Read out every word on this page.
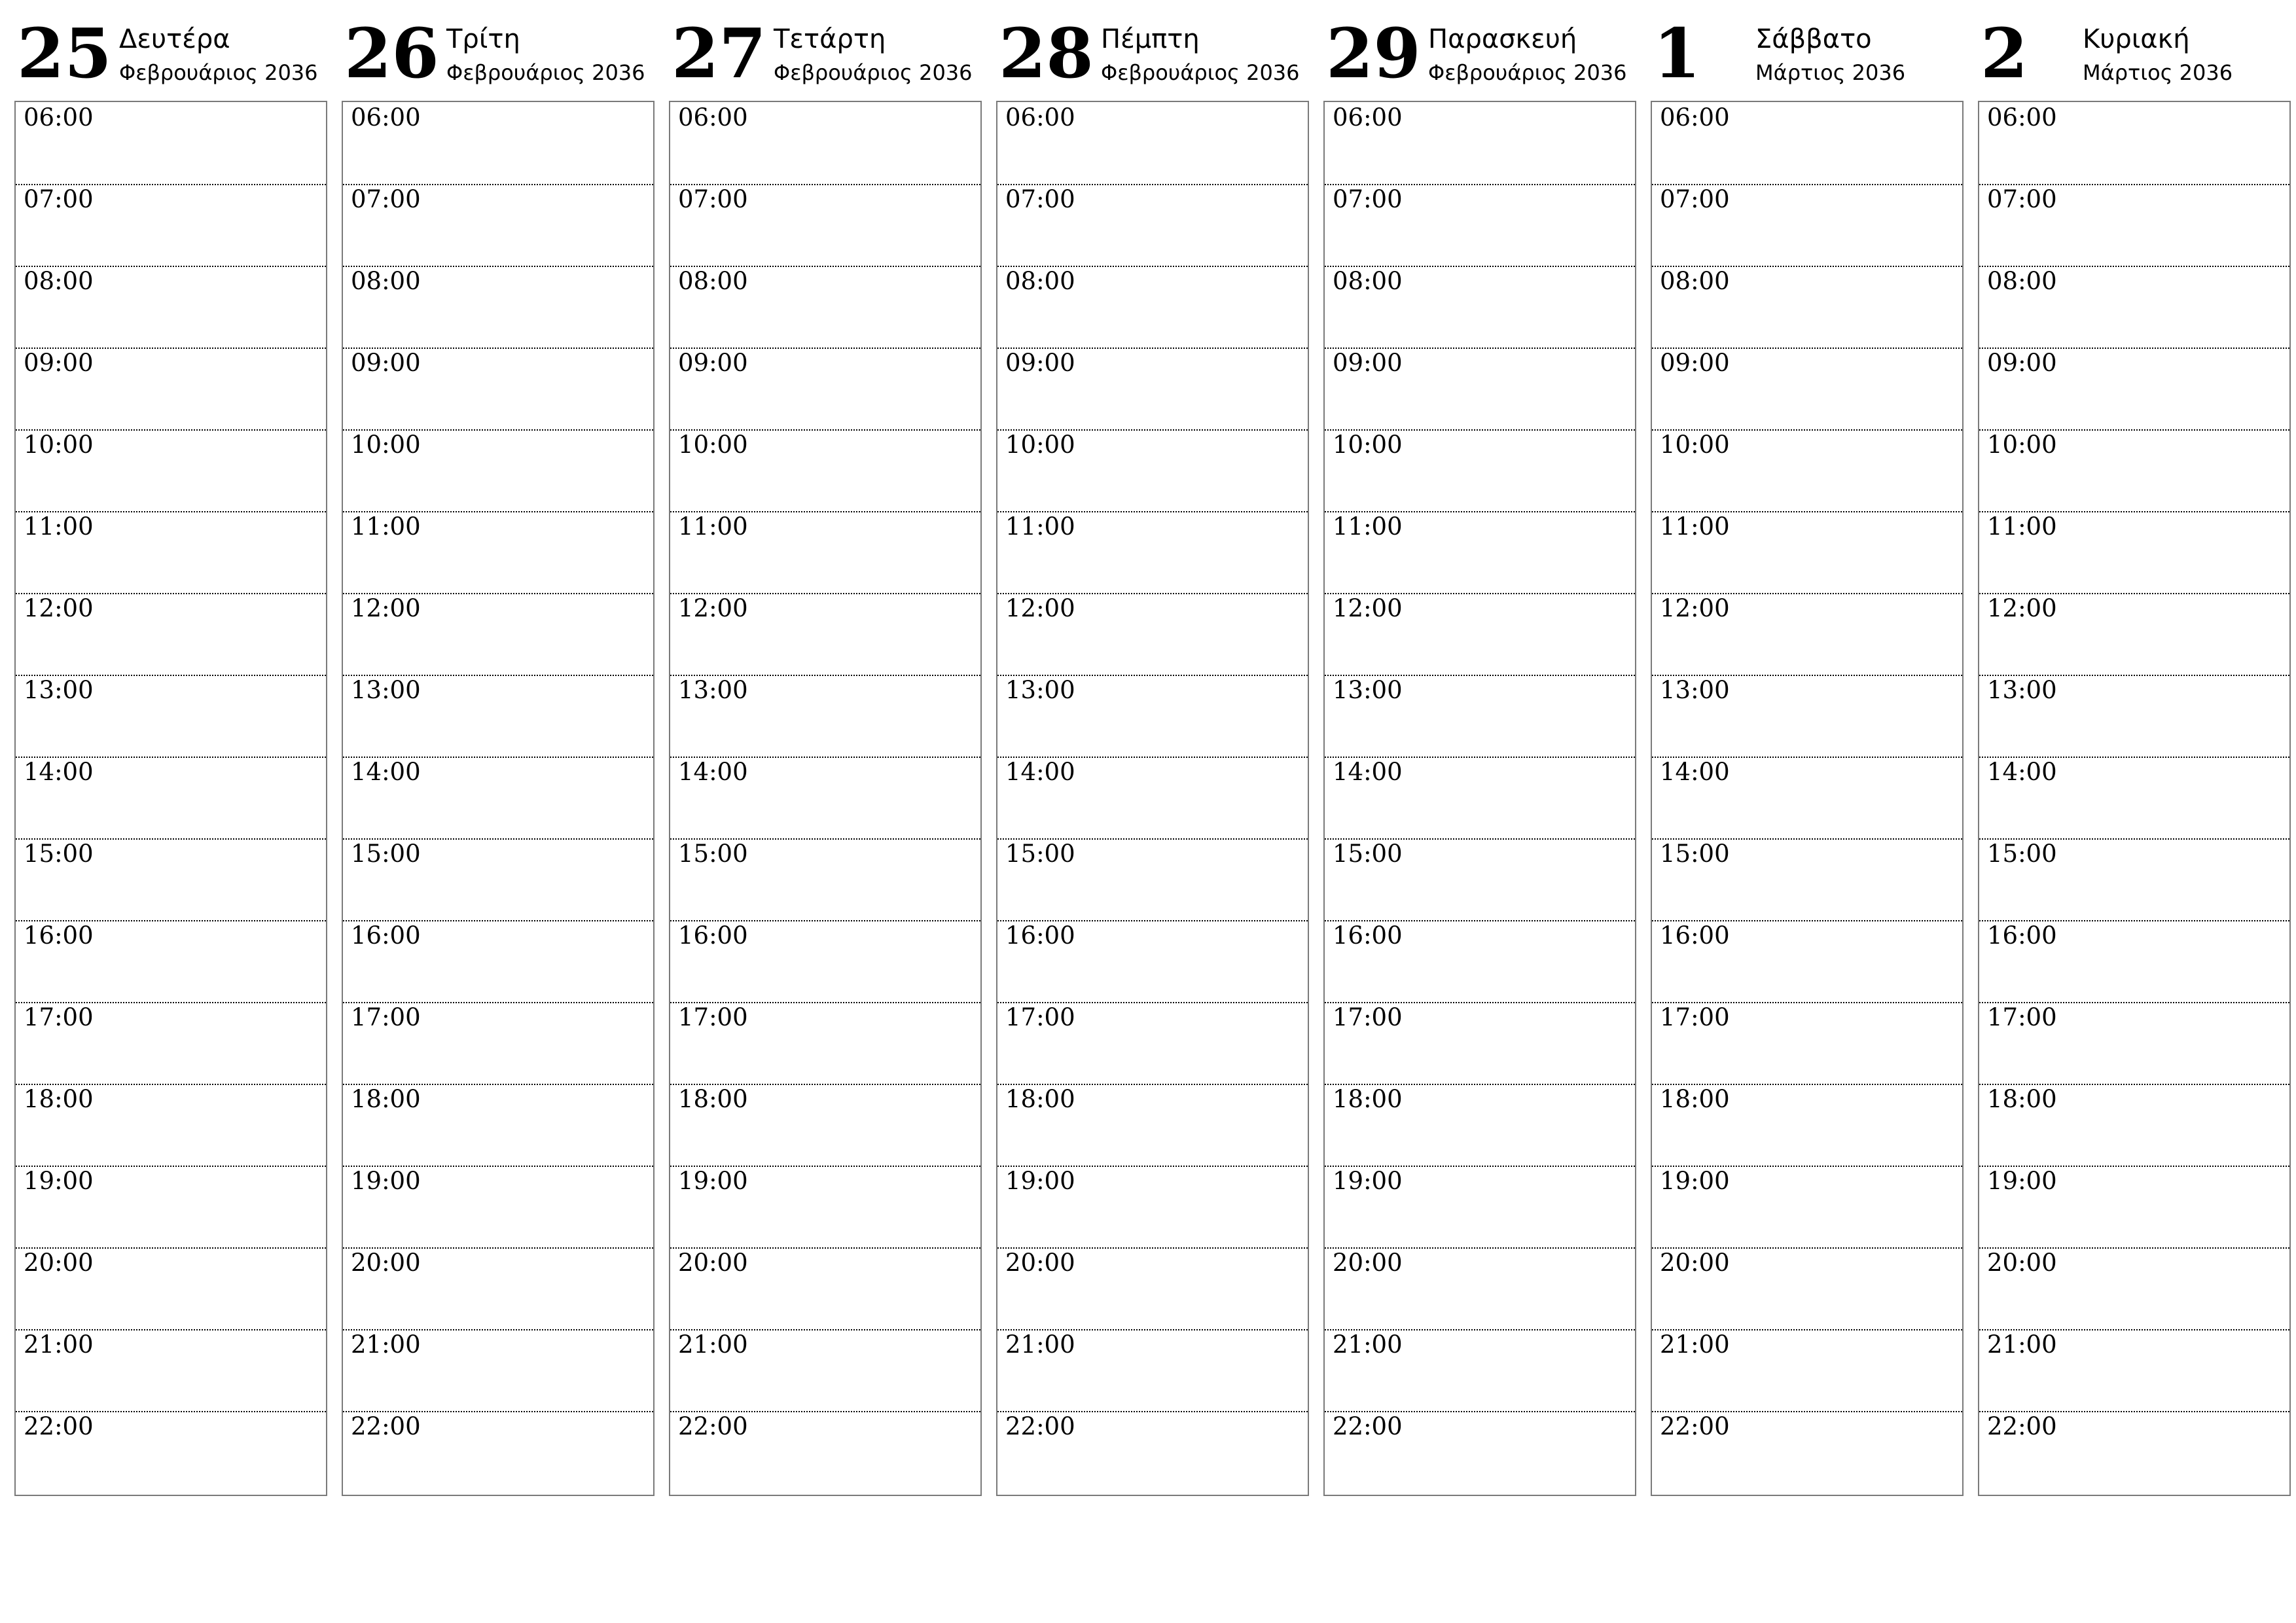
25 Δευτέρα
Φεβρουάριος 2036
06:00
07:00
08:00
09:00
10:00
11:00
12:00
13:00
14:00
15:00
16:00
17:00
18:00
19:00
20:00
21:00
22:00
26 Τρίτη
Φεβρουάριος 2036
06:00
07:00
08:00
09:00
10:00
11:00
12:00
13:00
14:00
15:00
16:00
17:00
18:00
19:00
20:00
21:00
22:00
27 Τετάρτη
Φεβρουάριος 2036
06:00
07:00
08:00
09:00
10:00
11:00
12:00
13:00
14:00
15:00
16:00
17:00
18:00
19:00
20:00
21:00
22:00
28 Πέμπτη
Φεβρουάριος 2036
06:00
07:00
08:00
09:00
10:00
11:00
12:00
13:00
14:00
15:00
16:00
17:00
18:00
19:00
20:00
21:00
22:00
29 Παρασκευή
Φεβρουάριος 2036
06:00
07:00
08:00
09:00
10:00
11:00
12:00
13:00
14:00
15:00
16:00
17:00
18:00
19:00
20:00
21:00
22:00
1 Σάββατο
Μάρτιος 2036
06:00
07:00
08:00
09:00
10:00
11:00
12:00
13:00
14:00
15:00
16:00
17:00
18:00
19:00
20:00
21:00
22:00
2 Κυριακή
Μάρτιος 2036
06:00
07:00
08:00
09:00
10:00
11:00
12:00
13:00
14:00
15:00
16:00
17:00
18:00
19:00
20:00
21:00
22:00
